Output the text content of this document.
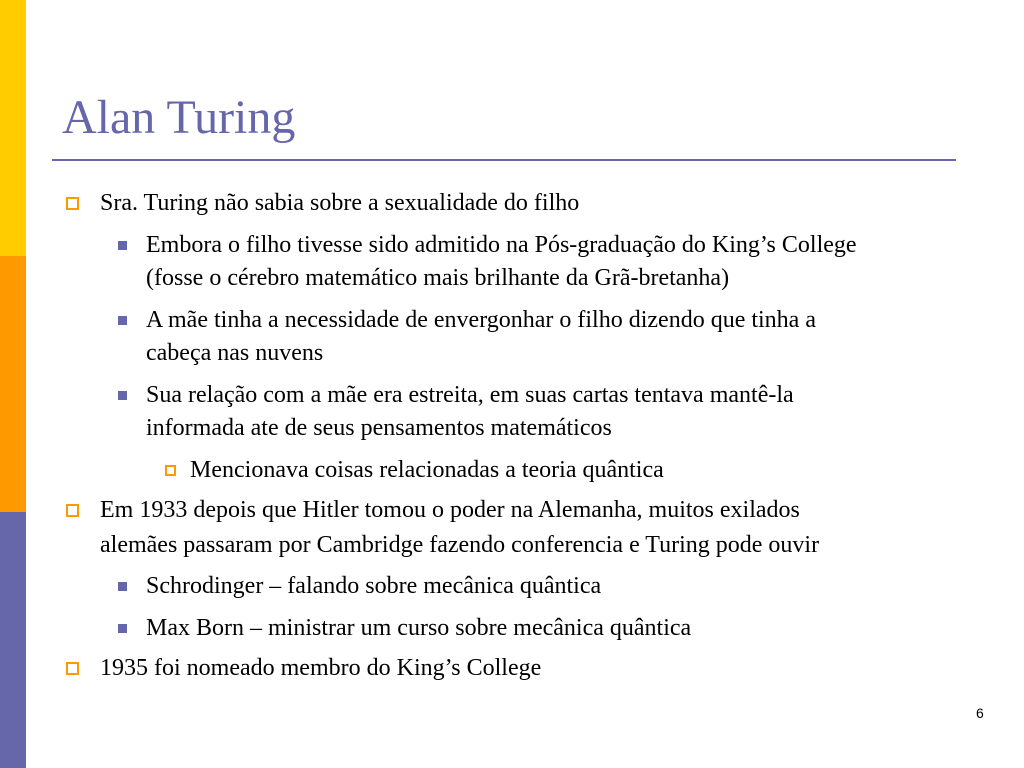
Alan Turing
Sra. Turing não sabia sobre a sexualidade do filho
Embora o filho tivesse sido admitido na Pós-graduação do King’s College
(fosse o cérebro matemático mais brilhante da Grã-bretanha)
A mãe tinha a necessidade de envergonhar o filho dizendo que tinha a
cabeça nas nuvens
Sua relação com a mãe era estreita, em suas cartas tentava mantê-la
informada ate de seus pensamentos matemáticos
Mencionava coisas relacionadas a teoria quântica
Em 1933 depois que Hitler tomou o poder na Alemanha, muitos exilados
alemães passaram por Cambridge fazendo conferencia e Turing pode ouvir
Schrodinger – falando sobre mecânica quântica
Max Born – ministrar um curso sobre mecânica quântica
1935 foi nomeado membro do King’s College
6
